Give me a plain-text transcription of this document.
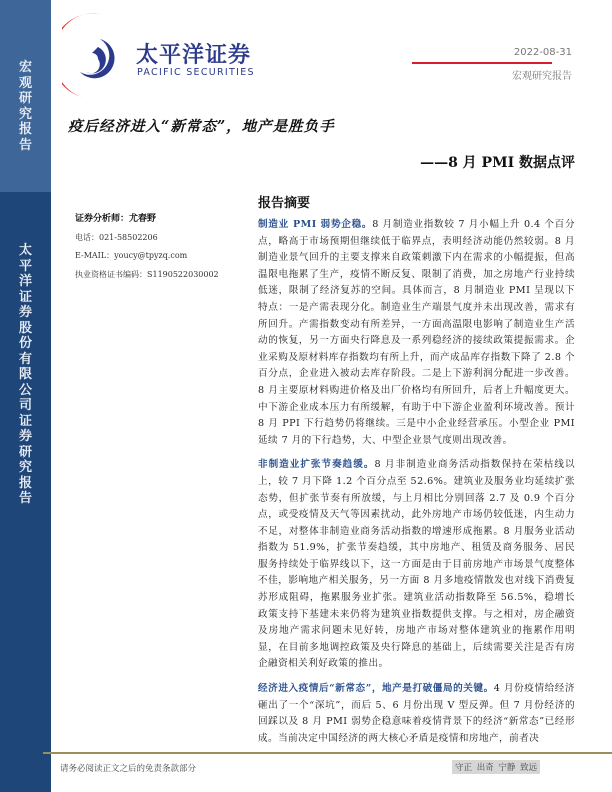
宏观研究报告
太平洋证券股份有限公司证券研究报告
太平洋证券
PACIFIC SECURITIES
2022-08-31
宏观研究报告
疫后经济进入“新常态”，地产是胜负手
——8 月 PMI 数据点评
证券分析师：尤春野
电话：021-58502206
E-MAIL：youcy@tpyzq.com
执业资格证书编码：S1190522030002
报告摘要

制造业 PMI 弱势企稳。8 月制造业指数较 7 月小幅上升 0.4 个百分点，略高于市场预期但继续低于临界点，表明经济动能仍然较弱。8 月制造业景气回升的主要支撑来自政策刺激下内在需求的小幅提振，但高温限电拖累了生产，疫情不断反复、限制了消费，加之房地产行业持续低迷，限制了经济复苏的空间。具体而言，8 月制造业 PMI 呈现以下特点：一是产需表现分化。制造业生产端景气度并未出现改善，需求有所回升。产需指数变动有所差异，一方面高温限电影响了制造业生产活动的恢复，另一方面央行降息及一系列稳经济的接续政策提振需求。企业采购及原材料库存指数均有所上升，而产成品库存指数下降了 2.8 个百分点，企业进入被动去库存阶段。二是上下游利润分配进一步改善。8 月主要原材料购进价格及出厂价格均有所回升，后者上升幅度更大。中下游企业成本压力有所缓解，有助于中下游企业盈利环境改善。预计 8 月 PPI 下行趋势仍将继续。三是中小企业经营承压。小型企业 PMI 延续 7 月的下行趋势，大、中型企业景气度则出现改善。

非制造业扩张节奏趋缓。8 月非制造业商务活动指数保持在荣枯线以上，较 7 月下降 1.2 个百分点至 52.6%。建筑业及服务业均延续扩张态势，但扩张节奏有所放缓，与上月相比分别回落 2.7 及 0.9 个百分点，或受疫情及天气等因素扰动，此外房地产市场仍较低迷，内生动力不足，对整体非制造业商务活动指数的增速形成拖累。8 月服务业活动指数为 51.9%，扩张节奏趋缓，其中房地产、租赁及商务服务、居民服务持续处于临界线以下，这一方面是由于目前房地产市场景气度整体不佳，影响地产相关服务，另一方面 8 月多地疫情散发也对线下消费复苏形成阻碍，拖累服务业扩张。建筑业活动指数降至 56.5%，稳增长政策支持下基建未来仍将为建筑业指数提供支撑。与之相对，房企融资及房地产需求问题未见好转，房地产市场对整体建筑业的拖累作用明显，在目前多地调控政策及央行降息的基础上，后续需要关注是否有房企融资相关利好政策的推出。

经济进入疫情后“新常态”，地产是打破僵局的关键。4 月份疫情给经济砸出了一个“深坑”，而后 5、6 月份出现 V 型反弹。但 7 月份经济的回踩以及 8 月 PMI 弱势企稳意味着疫情背景下的经济“新常态”已经形成。当前决定中国经济的两大核心矛盾是疫情和房地产，前者决

请务必阅读正文之后的免责条款部分	守正 出奇 宁静 致远
